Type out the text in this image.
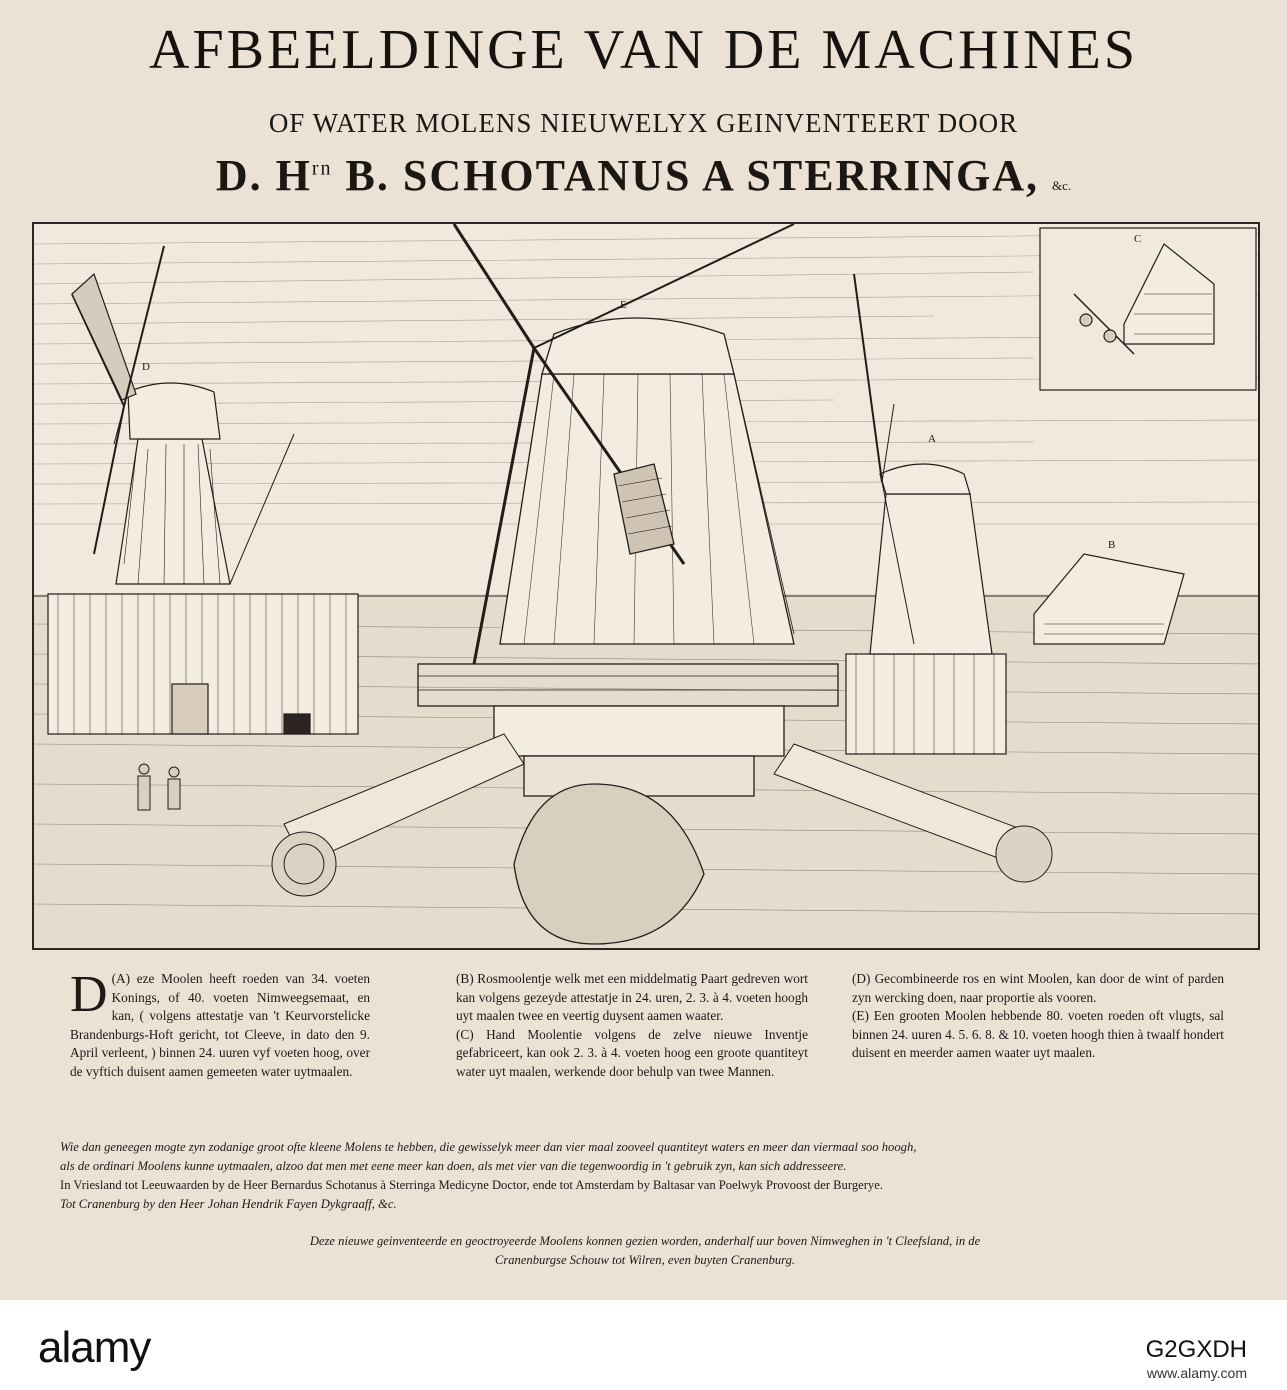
AFBEELDINGE VAN DE MACHINES
OF WATER MOLENS NIEUWELYX GEINVENTEERT DOOR
D. $H^{rn}$ B. SCHOTANUS A STERRINGA, &c.
D
E
A
B
C

(A)
D eze Moolen heeft roeden van 34. voeten Konings, of 40. voeten Nimweegsemaat, en kan, ( volgens attestatje van 't Keurvorstelicke Brandenburgs-Hoft gericht, tot Cleeve, in dato den 9. April verleent, ) binnen 24. uuren vyf voeten hoog, over de vyftich duisent aamen gemeeten water uytmaalen.

(B) Rosmoolentje welk met een middelmatig Paart gedreven wort kan volgens gezeyde attestatje in 24. uren, 2. 3. à 4. voeten hoogh uyt maalen twee en veertig duysent aamen waater.

(C) Hand Moolentie volgens de zelve nieuwe Inventje gefabriceert, kan ook 2. 3. à 4. voeten hoog een groote quantiteyt water uyt maalen, werkende door behulp van twee Mannen.

(D) Gecombineerde ros en wint Moolen, kan door de wint of parden zyn wercking doen, naar proportie als vooren.

(E) Een grooten Moolen hebbende 80. voeten roeden oft vlugts, sal binnen 24. uuren 4. 5. 6. 8. & 10. voeten hoogh thien à twaalf hondert duisent en meerder aamen waater uyt maalen.

Wie dan geneegen mogte zyn zodanige groot ofte kleene Molens te hebben, die gewisselyk meer dan vier maal zooveel quantiteyt waters en meer dan viermaal soo hoogh,
als de ordinari Moolens kunne uytmaalen, alzoo dat men met eene meer kan doen, als met vier van die tegenwoordig in 't gebruik zyn, kan sich addresseere.
In Vriesland tot Leeuwaarden by de Heer Bernardus Schotanus à Sterringa Medicyne Doctor, ende tot Amsterdam by Baltasar van Poelwyk Provoost der Burgerye.
Tot Cranenburg by den Heer Johan Hendrik Fayen Dykgraaff, &c.
Deze nieuwe geinventeerde en geoctroyeerde Moolens konnen gezien worden, anderhalf uur boven Nimweghen in 't Cleefsland, in de
Cranenburgse Schouw tot Wilren, even buyten Cranenburg.
alamy	G2GXDH
www.alamy.com
